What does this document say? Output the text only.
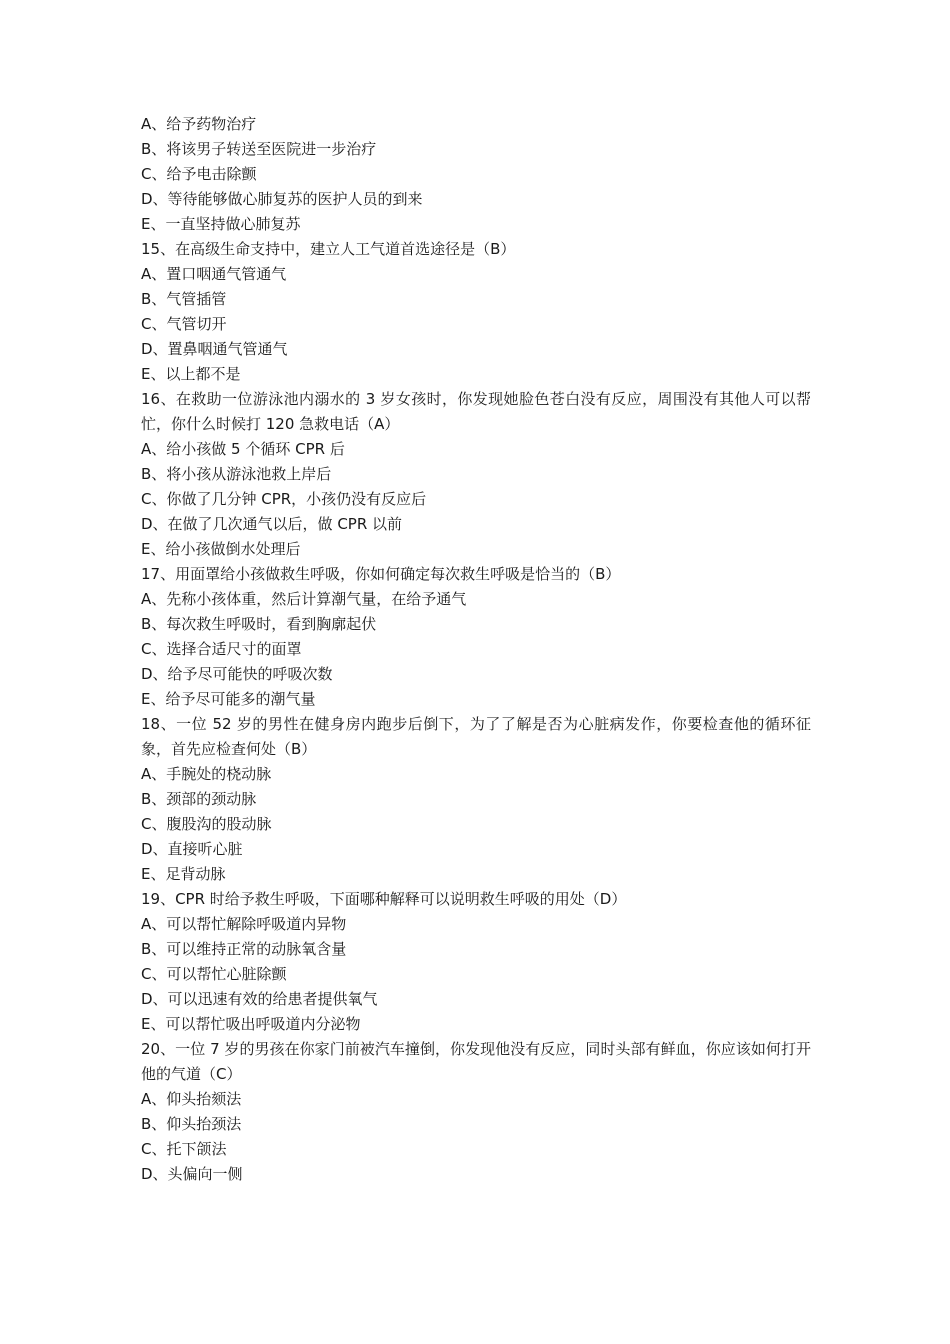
A、给予药物治疗
B、将该男子转送至医院进一步治疗
C、给予电击除颤
D、等待能够做心肺复苏的医护人员的到来
E、一直坚持做心肺复苏
15、在高级生命支持中，建立人工气道首选途径是（B）
A、置口咽通气管通气
B、气管插管
C、气管切开
D、置鼻咽通气管通气
E、以上都不是
16、在救助一位游泳池内溺水的 3 岁女孩时，你发现她脸色苍白没有反应，周围没有其他人可以帮忙，你什么时候打 120 急救电话（A）
A、给小孩做 5 个循环 CPR 后
B、将小孩从游泳池救上岸后
C、你做了几分钟 CPR，小孩仍没有反应后
D、在做了几次通气以后，做 CPR 以前
E、给小孩做倒水处理后
17、用面罩给小孩做救生呼吸，你如何确定每次救生呼吸是恰当的（B）
A、先称小孩体重，然后计算潮气量，在给予通气
B、每次救生呼吸时，看到胸廓起伏
C、选择合适尺寸的面罩
D、给予尽可能快的呼吸次数
E、给予尽可能多的潮气量
18、一位 52 岁的男性在健身房内跑步后倒下，为了了解是否为心脏病发作，你要检查他的循环征象，首先应检查何处（B）
A、手腕处的桡动脉
B、颈部的颈动脉
C、腹股沟的股动脉
D、直接听心脏
E、足背动脉
19、CPR 时给予救生呼吸，下面哪种解释可以说明救生呼吸的用处（D）
A、可以帮忙解除呼吸道内异物
B、可以维持正常的动脉氧含量
C、可以帮忙心脏除颤
D、可以迅速有效的给患者提供氧气
E、可以帮忙吸出呼吸道内分泌物
20、一位 7 岁的男孩在你家门前被汽车撞倒，你发现他没有反应，同时头部有鲜血，你应该如何打开他的气道（C）
A、仰头抬颏法
B、仰头抬颈法
C、托下颌法
D、头偏向一侧
